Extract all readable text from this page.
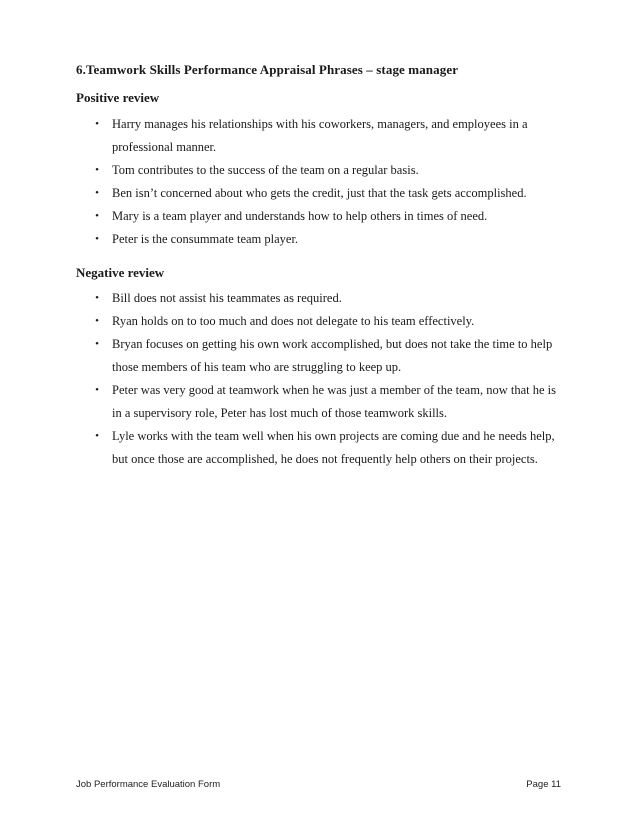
6.Teamwork Skills Performance Appraisal Phrases – stage manager
Positive review
• Harry manages his relationships with his coworkers, managers, and employees in a professional manner.
• Tom contributes to the success of the team on a regular basis.
• Ben isn’t concerned about who gets the credit, just that the task gets accomplished.
• Mary is a team player and understands how to help others in times of need.
• Peter is the consummate team player.
Negative review
• Bill does not assist his teammates as required.
• Ryan holds on to too much and does not delegate to his team effectively.
• Bryan focuses on getting his own work accomplished, but does not take the time to help those members of his team who are struggling to keep up.
• Peter was very good at teamwork when he was just a member of the team, now that he is in a supervisory role, Peter has lost much of those teamwork skills.
• Lyle works with the team well when his own projects are coming due and he needs help, but once those are accomplished, he does not frequently help others on their projects.
Job Performance Evaluation Form	Page 11
